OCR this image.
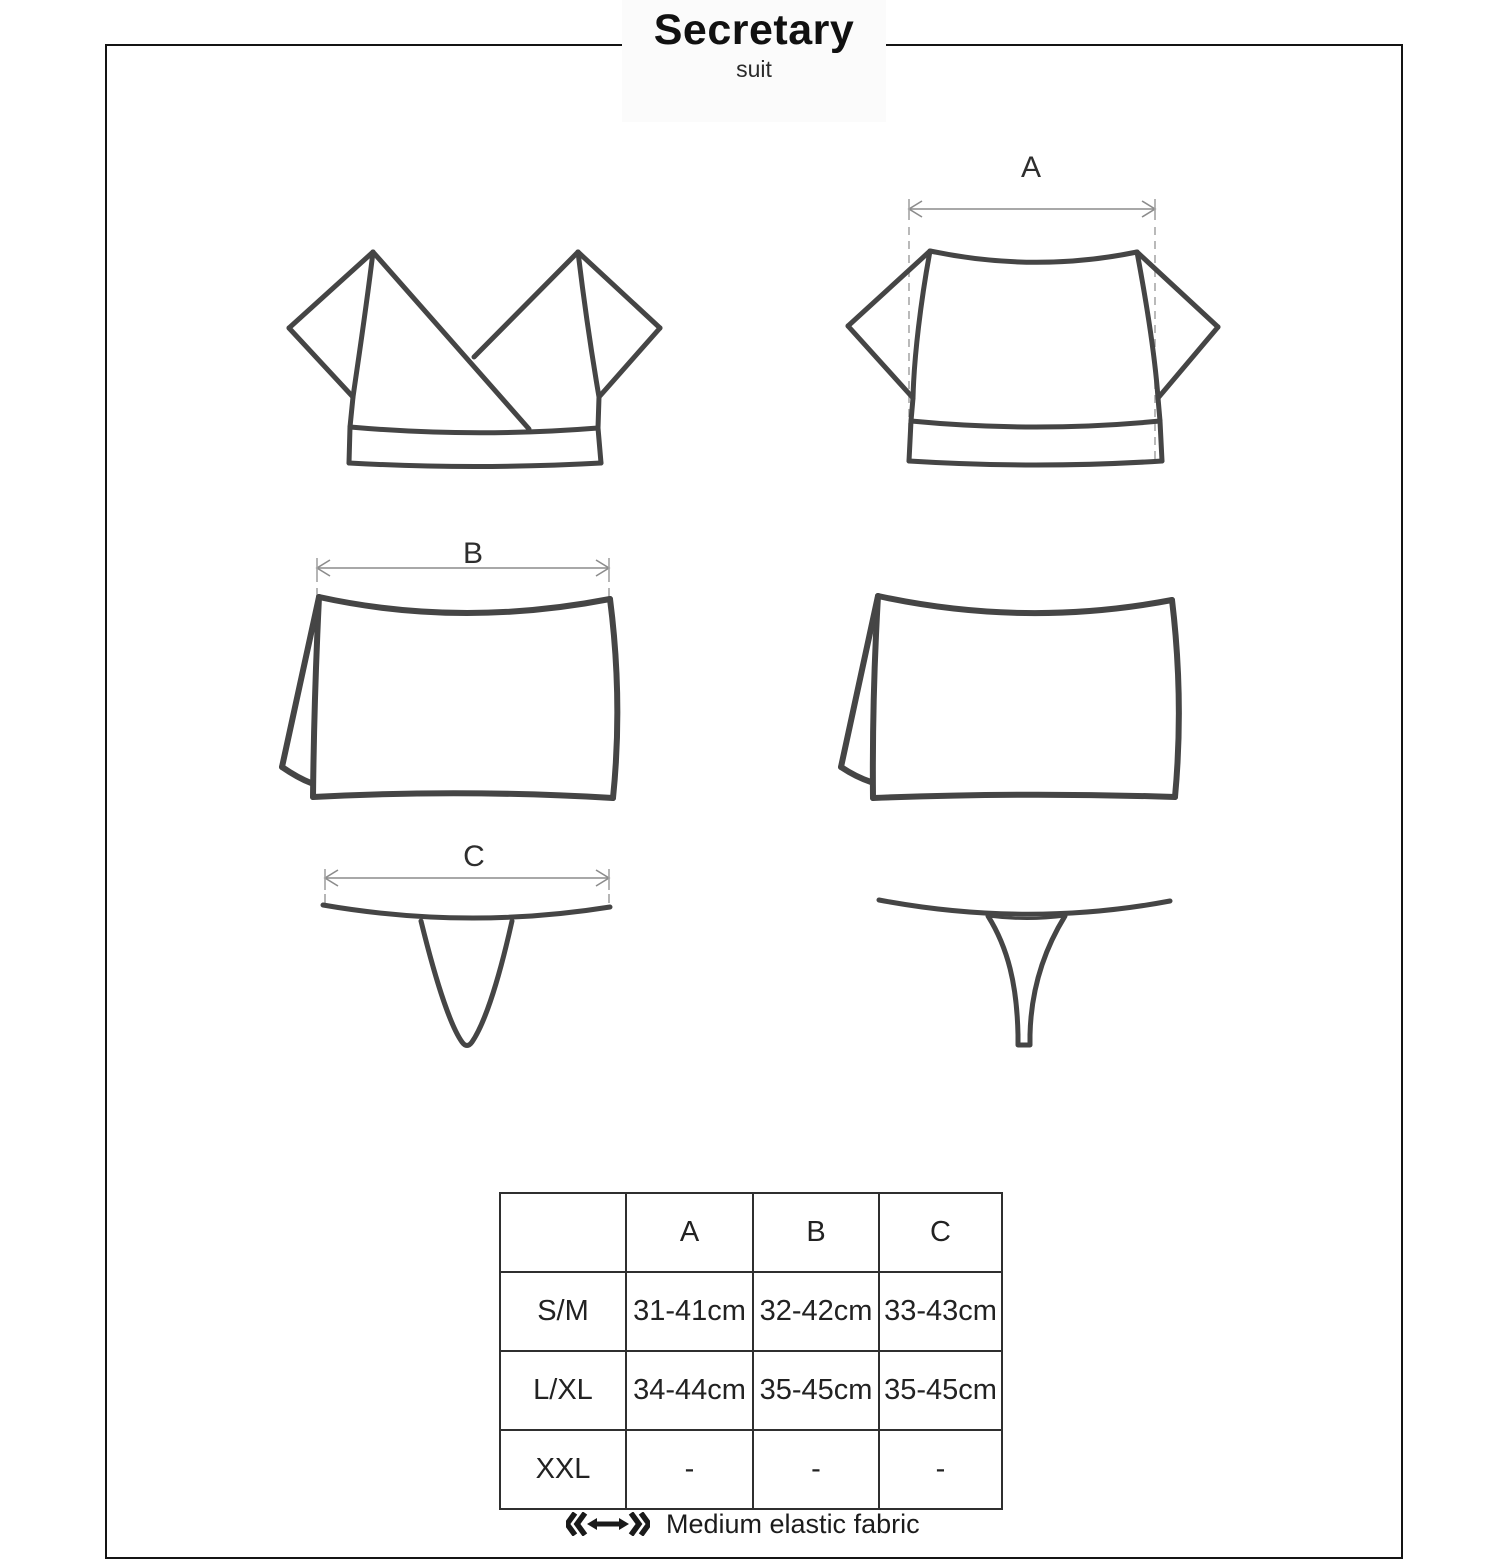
Secretary
suit
A
B
C
	A	B	C
S/M	31-41cm	32-42cm	33-43cm
L/XL	34-44cm	35-45cm	35-45cm
XXL	-	-	-
Medium elastic fabric
